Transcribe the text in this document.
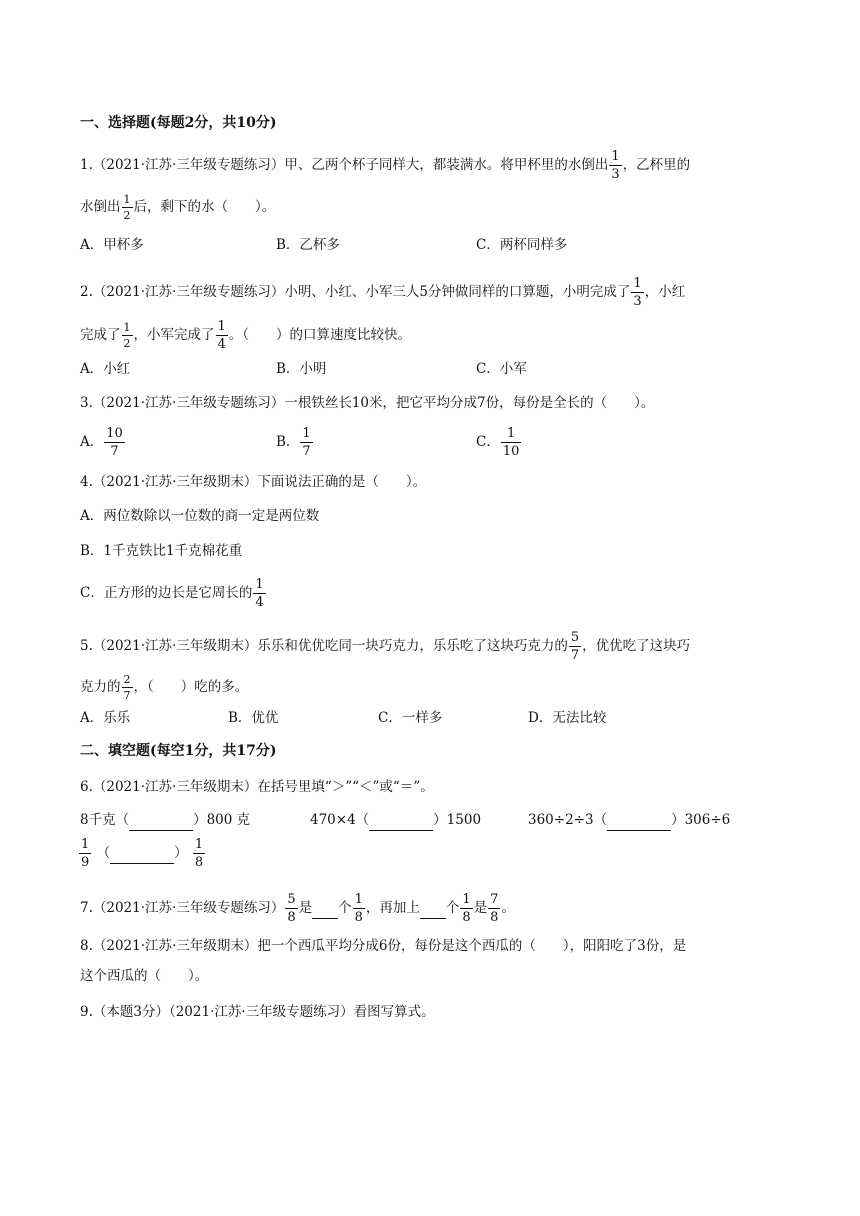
一、选择题(每题2分，共10分)
1.（2021·江苏·三年级专题练习）甲、乙两个杯子同样大，都装满水。将甲杯里的水倒出 $\frac{1}{3}$ ，乙杯里的
水倒出 $\frac{1}{2}$ 后，剩下的水（　　）。
A．甲杯多	B．乙杯多	C．两杯同样多
2.（2021·江苏·三年级专题练习）小明、小红、小军三人5分钟做同样的口算题，小明完成了 $\frac{1}{3}$ ，小红
完成了 $\frac{1}{2}$ ，小军完成了 $\frac{1}{4}$ 。（　　）的口算速度比较快。
A．小红	B．小明	C．小军
3.（2021·江苏·三年级专题练习）一根铁丝长10米，把它平均分成7份，每份是全长的（　　）。
A． $\frac{10}{7}$	B． $\frac{1}{7}$	C． $\frac{1}{10}$
4.（2021·江苏·三年级期末）下面说法正确的是（　　）。
A．两位数除以一位数的商一定是两位数
B．1千克铁比1千克棉花重
C．正方形的边长是它周长的 $\frac{1}{4}$
5.（2021·江苏·三年级期末）乐乐和优优吃同一块巧克力，乐乐吃了这块巧克力的 $\frac{5}{7}$ ，优优吃了这块巧
克力的 $\frac{2}{7}$ ，（　　）吃的多。
A．乐乐	B．优优	C．一样多	D．无法比较
二、填空题(每空1分，共17分)
6.（2021·江苏·三年级期末）在括号里填“＞”“＜”或“＝”。
8千克（	）800 克	470×4（	）1500	360÷2÷3（	）306÷6
$\frac{1}{9}$ （	） $\frac{1}{8}$
7.（2021·江苏·三年级专题练习） $\frac{5}{8}$ 是 个 $\frac{1}{8}$ ，再加上 个 $\frac{1}{8}$ 是 $\frac{7}{8}$ 。
8.（2021·江苏·三年级期末）把一个西瓜平均分成6份，每份是这个西瓜的（　　），阳阳吃了3份，是
这个西瓜的（　　）。
9.（本题3分）（2021·江苏·三年级专题练习）看图写算式。
